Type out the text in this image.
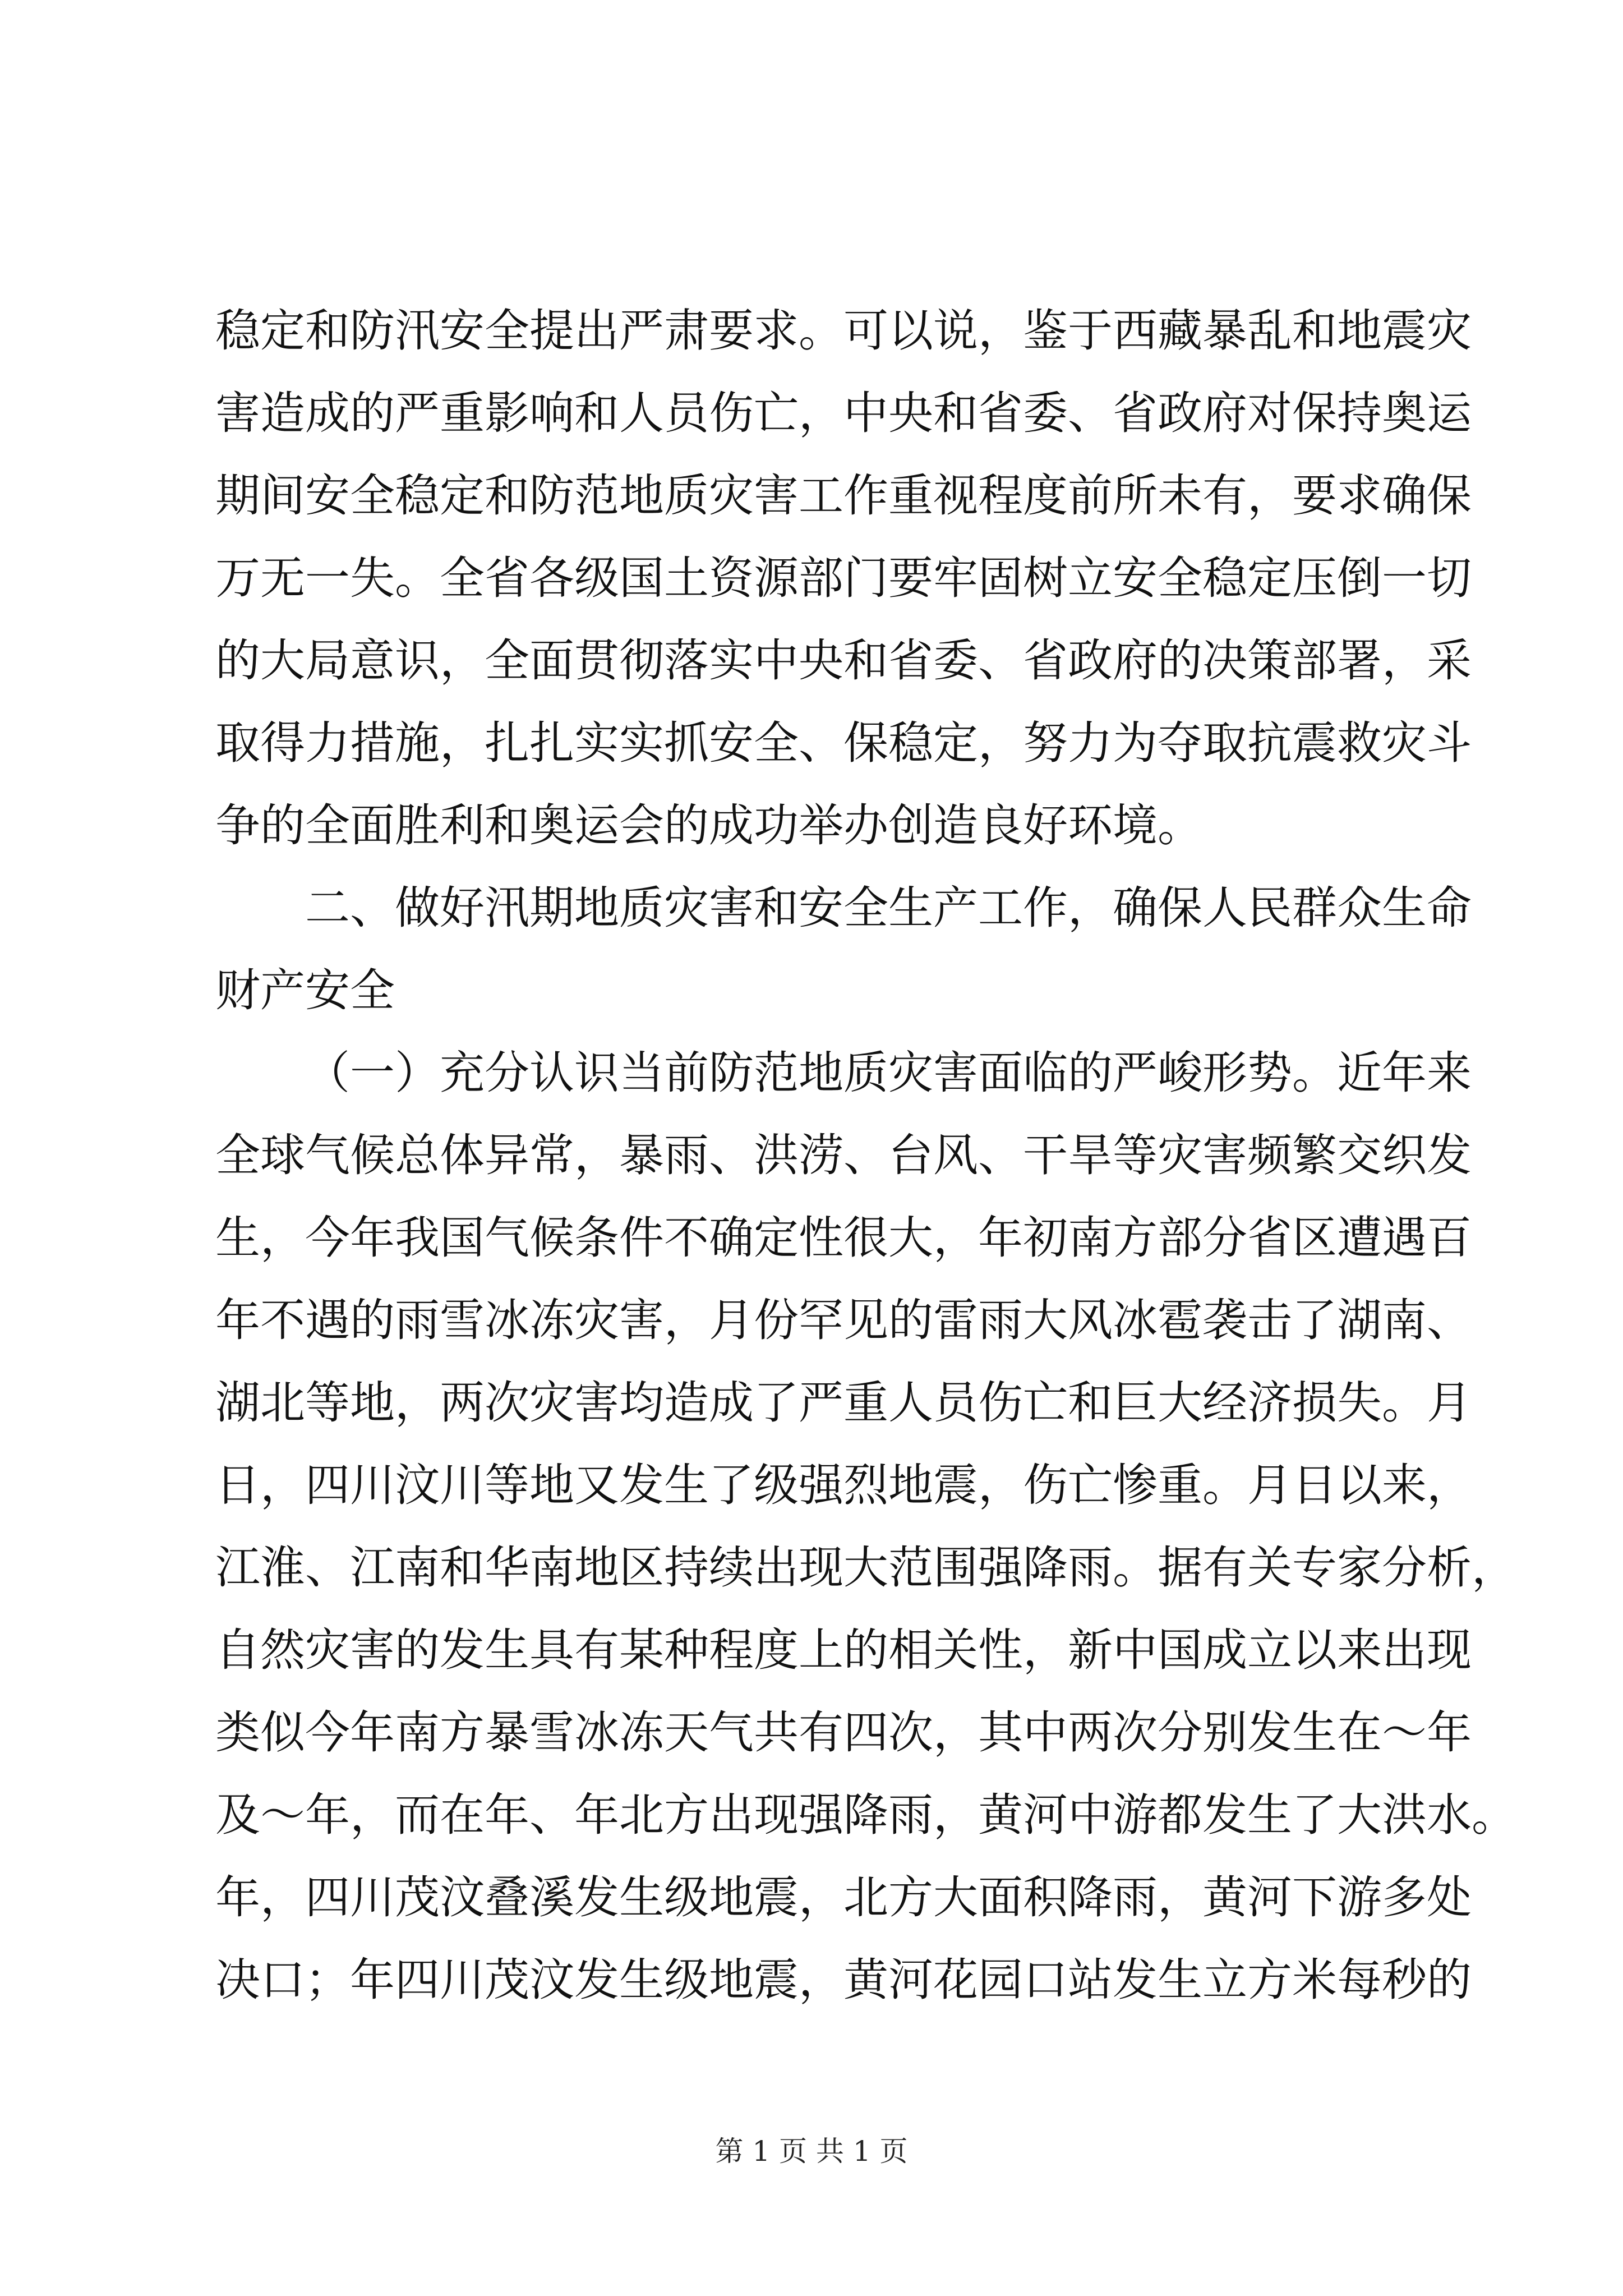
稳定和防汛安全提出严肃要求。可以说，鉴于西藏暴乱和地震灾
害造成的严重影响和人员伤亡，中央和省委、省政府对保持奥运
期间安全稳定和防范地质灾害工作重视程度前所未有，要求确保
万无一失。全省各级国土资源部门要牢固树立安全稳定压倒一切
的大局意识，全面贯彻落实中央和省委、省政府的决策部署，采
取得力措施，扎扎实实抓安全、保稳定，努力为夺取抗震救灾斗
争的全面胜利和奥运会的成功举办创造良好环境。
二、做好汛期地质灾害和安全生产工作，确保人民群众生命
财产安全
（一）充分认识当前防范地质灾害面临的严峻形势。近年来
全球气候总体异常，暴雨、洪涝、台风、干旱等灾害频繁交织发
生，今年我国气候条件不确定性很大，年初南方部分省区遭遇百
年不遇的雨雪冰冻灾害，月份罕见的雷雨大风冰雹袭击了湖南、
湖北等地，两次灾害均造成了严重人员伤亡和巨大经济损失。月
日，四川汶川等地又发生了级强烈地震，伤亡惨重。月日以来，
江淮、江南和华南地区持续出现大范围强降雨。据有关专家分析，
自然灾害的发生具有某种程度上的相关性，新中国成立以来出现
类似今年南方暴雪冰冻天气共有四次，其中两次分别发生在～年
及～年，而在年、年北方出现强降雨，黄河中游都发生了大洪水。
年，四川茂汶叠溪发生级地震，北方大面积降雨，黄河下游多处
决口；年四川茂汶发生级地震，黄河花园口站发生立方米每秒的
第 1 页 共 1 页
